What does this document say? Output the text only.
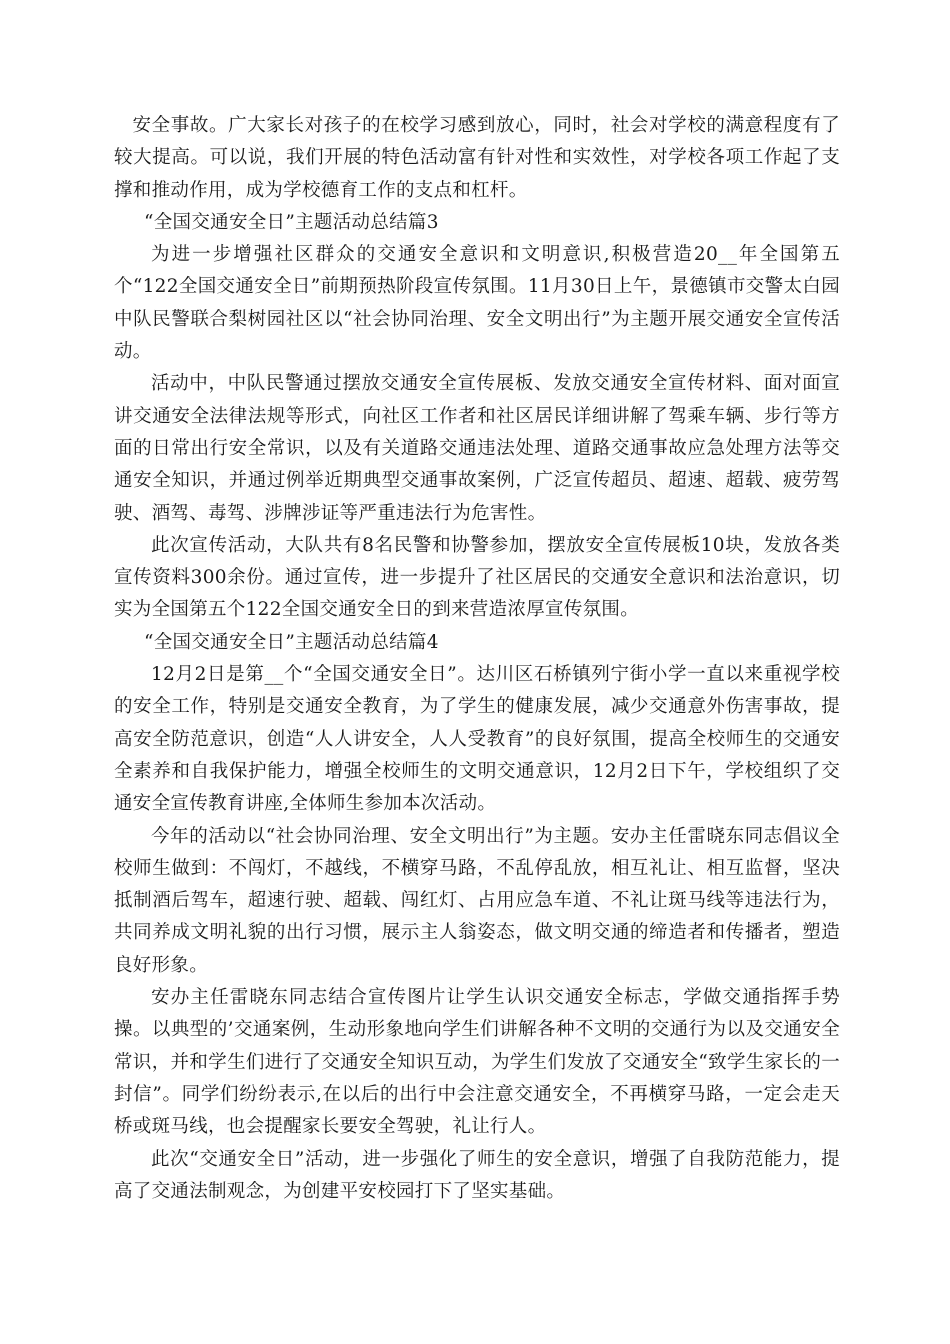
安全事故。广大家长对孩子的在校学习感到放心，同时，社会对学校的满意程度有了较大提高。可以说，我们开展的特色活动富有针对性和实效性，对学校各项工作起了支撑和推动作用，成为学校德育工作的支点和杠杆。

“全国交通安全日”主题活动总结篇3

为进一步增强社区群众的交通安全意识和文明意识,积极营造20__年全国第五个“122全国交通安全日”前期预热阶段宣传氛围。11月30日上午，景德镇市交警太白园中队民警联合梨树园社区以“社会协同治理、安全文明出行”为主题开展交通安全宣传活动。

活动中，中队民警通过摆放交通安全宣传展板、发放交通安全宣传材料、面对面宣讲交通安全法律法规等形式，向社区工作者和社区居民详细讲解了驾乘车辆、步行等方面的日常出行安全常识，以及有关道路交通违法处理、道路交通事故应急处理方法等交通安全知识，并通过例举近期典型交通事故案例，广泛宣传超员、超速、超载、疲劳驾驶、酒驾、毒驾、涉牌涉证等严重违法行为危害性。

此次宣传活动，大队共有8名民警和协警参加，摆放安全宣传展板10块，发放各类宣传资料300余份。通过宣传，进一步提升了社区居民的交通安全意识和法治意识，切实为全国第五个122全国交通安全日的到来营造浓厚宣传氛围。

“全国交通安全日”主题活动总结篇4

12月2日是第__个“全国交通安全日”。达川区石桥镇列宁街小学一直以来重视学校的安全工作，特别是交通安全教育，为了学生的健康发展，减少交通意外伤害事故，提高安全防范意识，创造“人人讲安全，人人受教育”的良好氛围，提高全校师生的交通安全素养和自我保护能力，增强全校师生的文明交通意识，12月2日下午，学校组织了交通安全宣传教育讲座,全体师生参加本次活动。

今年的活动以“社会协同治理、安全文明出行”为主题。安办主任雷晓东同志倡议全校师生做到：不闯灯，不越线，不横穿马路，不乱停乱放，相互礼让、相互监督，坚决抵制酒后驾车，超速行驶、超载、闯红灯、占用应急车道、不礼让斑马线等违法行为，共同养成文明礼貌的出行习惯，展示主人翁姿态，做文明交通的缔造者和传播者，塑造良好形象。

安办主任雷晓东同志结合宣传图片让学生认识交通安全标志，学做交通指挥手势操。以典型的’交通案例，生动形象地向学生们讲解各种不文明的交通行为以及交通安全常识，并和学生们进行了交通安全知识互动，为学生们发放了交通安全“致学生家长的一封信”。同学们纷纷表示,在以后的出行中会注意交通安全，不再横穿马路，一定会走天桥或斑马线，也会提醒家长要安全驾驶，礼让行人。

此次“交通安全日”活动，进一步强化了师生的安全意识，增强了自我防范能力，提高了交通法制观念，为创建平安校园打下了坚实基础。
